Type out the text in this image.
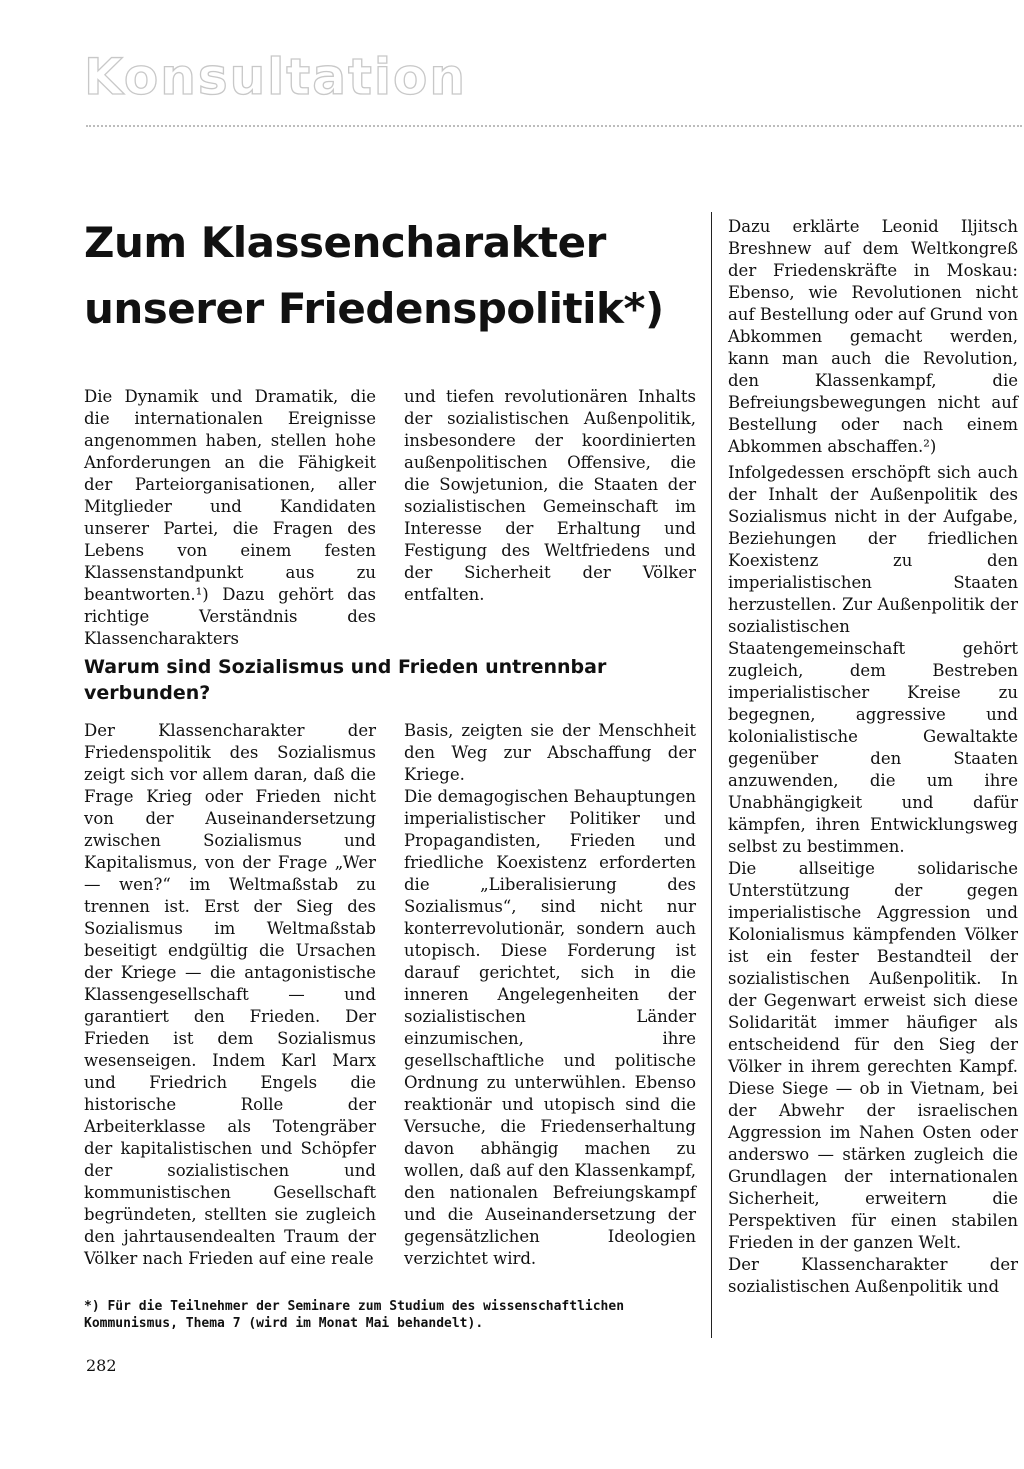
Konsultation
Zum Klassencharakter unserer Friedenspolitik*)

Die Dynamik und Dramatik, die die internationalen Ereignisse angenommen haben, stellen hohe Anforderungen an die Fähigkeit der Parteiorganisationen, aller Mitglieder und Kandidaten unserer Partei, die Fragen des Lebens von einem festen Klassenstandpunkt aus zu beantworten.¹) Dazu gehört das richtige Verständnis des Klassencharakters

und tiefen revolutionären Inhalts der sozialistischen Außenpolitik, insbesondere der koordinierten außenpolitischen Offensive, die die Sowjetunion, die Staaten der sozialistischen Gemeinschaft im Interesse der Erhaltung und Festigung des Weltfriedens und der Sicherheit der Völker entfalten.

Warum sind Sozialismus und Frieden untrennbar verbunden?

Der Klassencharakter der Friedenspolitik des Sozialismus zeigt sich vor allem daran, daß die Frage Krieg oder Frieden nicht von der Auseinandersetzung zwischen Sozialismus und Kapitalismus, von der Frage „Wer — wen?“ im Weltmaßstab zu trennen ist. Erst der Sieg des Sozialismus im Weltmaßstab beseitigt endgültig die Ursachen der Kriege — die antagonistische Klassengesellschaft — und garantiert den Frieden. Der Frieden ist dem Sozialismus wesenseigen. Indem Karl Marx und Friedrich Engels die historische Rolle der Arbeiterklasse als Totengräber der kapitalistischen und Schöpfer der sozialistischen und kommunistischen Gesellschaft begründeten, stellten sie zugleich den jahrtausendealten Traum der Völker nach Frieden auf eine reale

Basis, zeigten sie der Menschheit den Weg zur Abschaffung der Kriege.

Die demagogischen Behauptungen imperialistischer Politiker und Propagandisten, Frieden und friedliche Koexistenz erforderten die „Liberalisierung des Sozialismus“, sind nicht nur konterrevolutionär, sondern auch utopisch. Diese Forderung ist darauf gerichtet, sich in die inneren Angelegenheiten der sozialistischen Länder einzumischen, ihre gesellschaftliche und politische Ordnung zu unterwühlen. Ebenso reaktionär und utopisch sind die Versuche, die Friedenserhaltung davon abhängig machen zu wollen, daß auf den Klassenkampf, den nationalen Befreiungskampf und die Auseinandersetzung der gegensätzlichen Ideologien verzichtet wird.

Dazu erklärte Leonid Iljitsch Breshnew auf dem Weltkongreß der Friedenskräfte in Moskau: Ebenso, wie Revolutionen nicht auf Bestellung oder auf Grund von Abkommen gemacht werden, kann man auch die Revolution, den Klassenkampf, die Befreiungsbewegungen nicht auf Bestellung oder nach einem Abkommen abschaffen.²)

Infolgedessen erschöpft sich auch der Inhalt der Außenpolitik des Sozialismus nicht in der Aufgabe, Beziehungen der friedlichen Koexistenz zu den imperialistischen Staaten herzustellen. Zur Außenpolitik der sozialistischen Staatengemeinschaft gehört zugleich, dem Bestreben imperialistischer Kreise zu begegnen, aggressive und kolonialistische Gewaltakte gegenüber den Staaten anzuwenden, die um ihre Unabhängigkeit und dafür kämpfen, ihren Entwicklungsweg selbst zu bestimmen.

Die allseitige solidarische Unterstützung der gegen imperialistische Aggression und Kolonialismus kämpfenden Völker ist ein fester Bestandteil der sozialistischen Außenpolitik. In der Gegenwart erweist sich diese Solidarität immer häufiger als entscheidend für den Sieg der Völker in ihrem gerechten Kampf. Diese Siege — ob in Vietnam, bei der Abwehr der israelischen Aggression im Nahen Osten oder anderswo — stärken zugleich die Grundlagen der internationalen Sicherheit, erweitern die Perspektiven für einen stabilen Frieden in der ganzen Welt.

Der Klassencharakter der sozialistischen Außenpolitik und

*) Für die Teilnehmer der Seminare zum Studium des wissenschaftlichen Kommunismus, Thema 7 (wird im Monat Mai behandelt).
282
